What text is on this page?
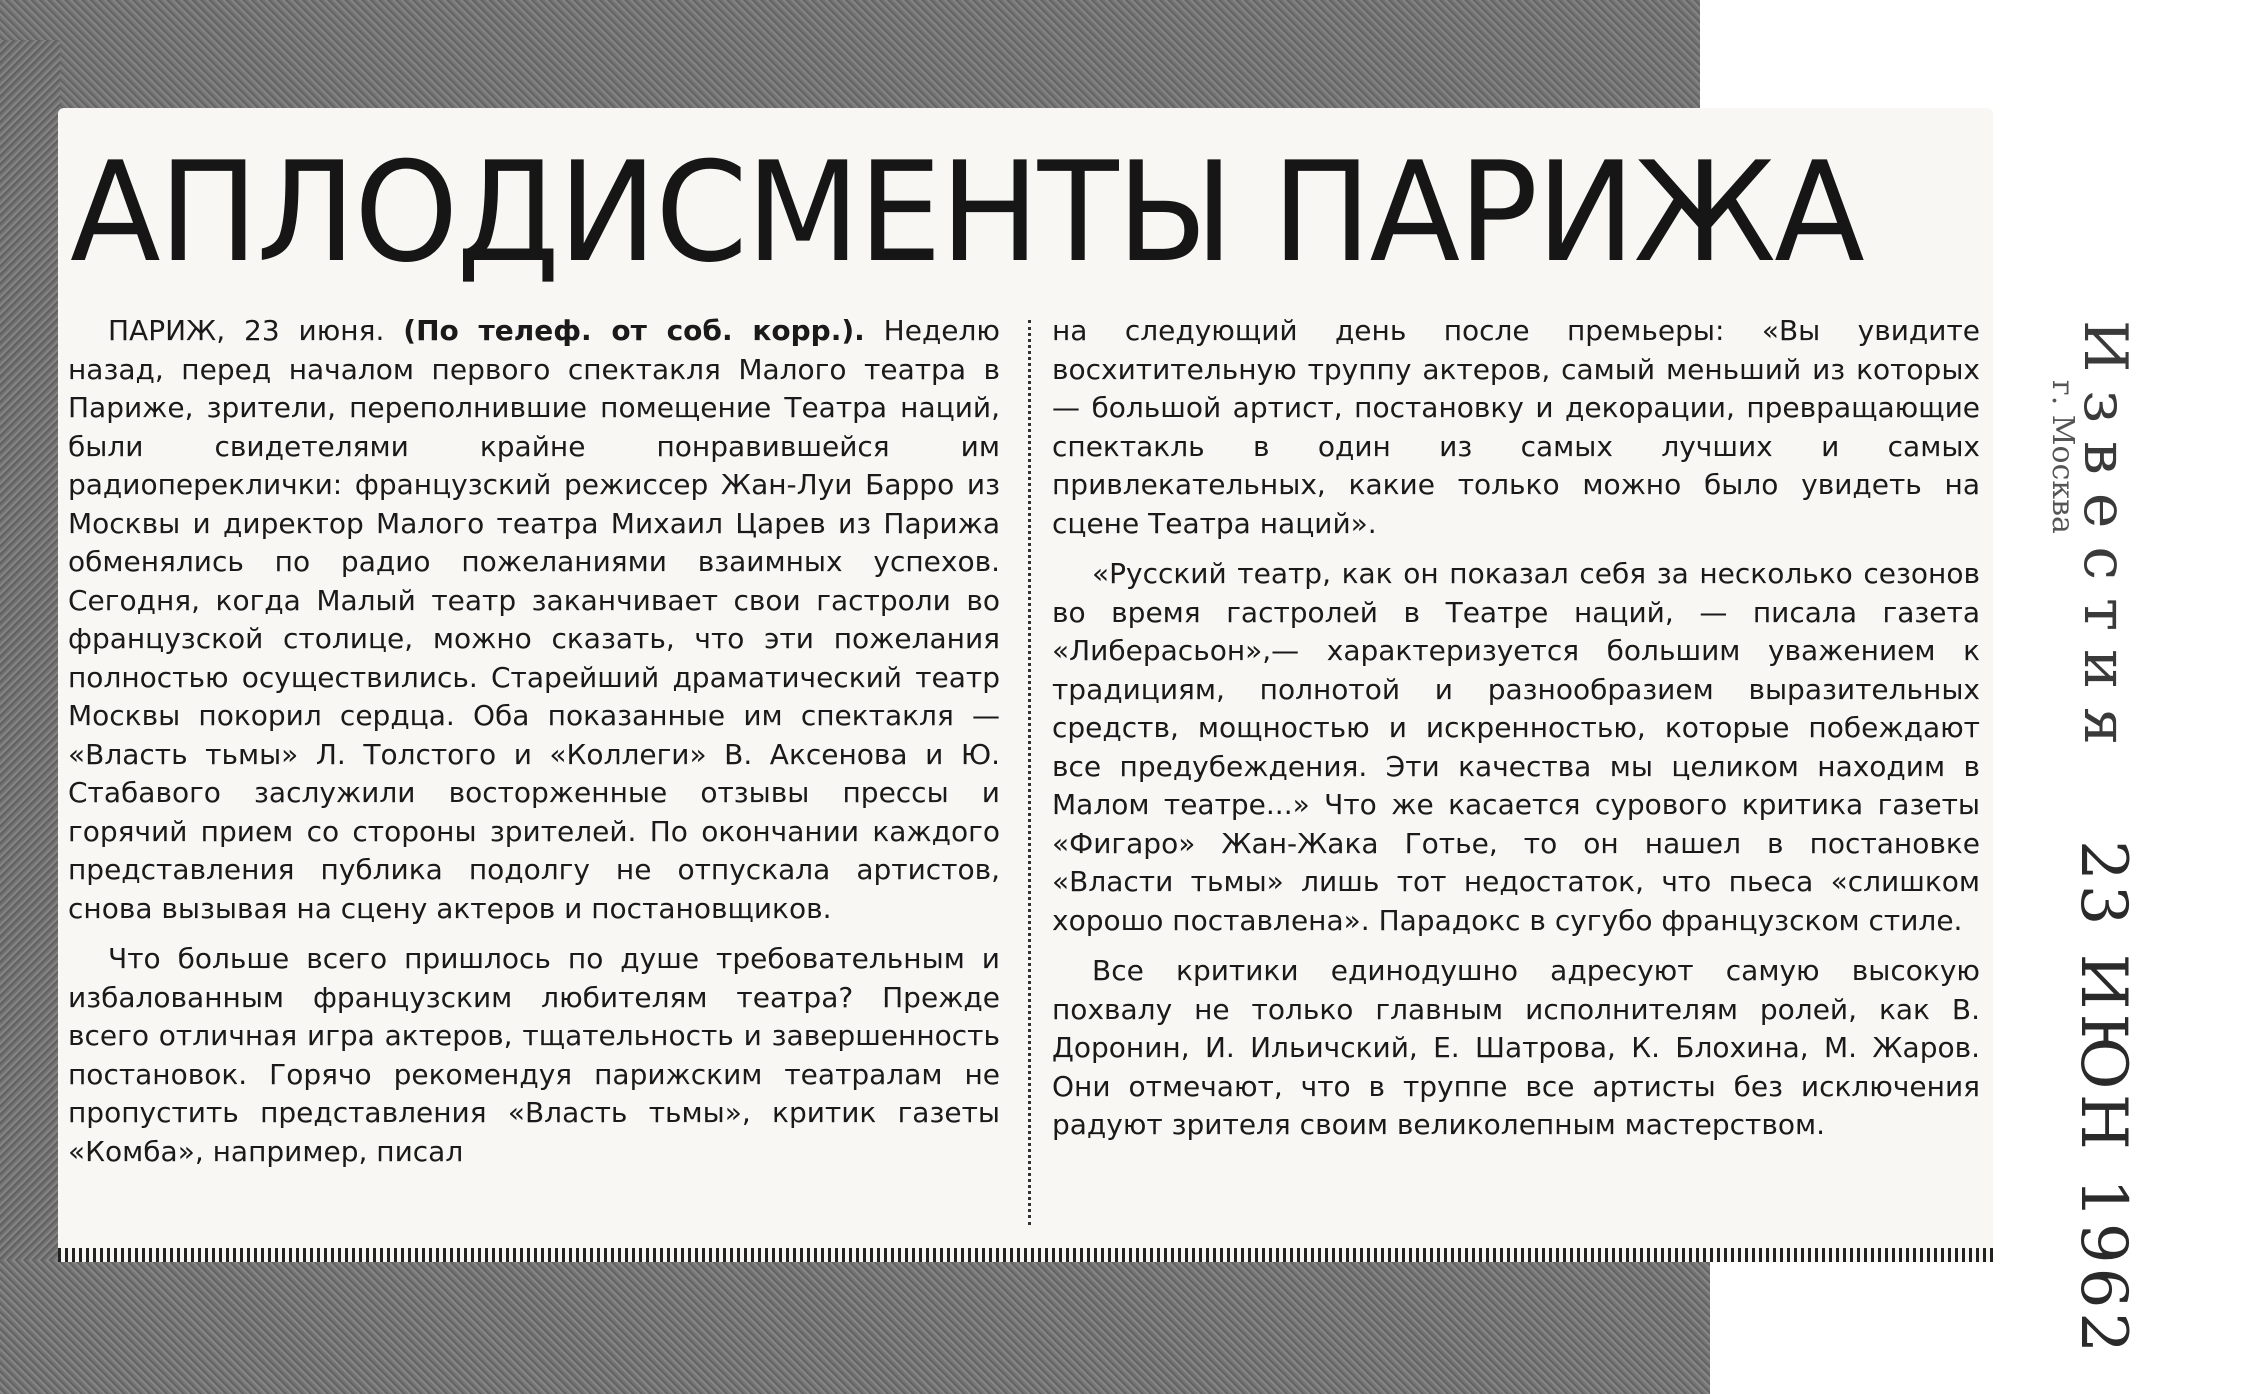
АПЛОДИСМЕНТЫ ПАРИЖА

ПАРИЖ, 23 июня. (По телеф. от соб. корр.). Неделю назад, перед началом первого спектакля Малого театра в Париже, зрители, переполнившие помещение Театра наций, были свидетелями крайне понравившейся им радиопереклички: французский режиссер Жан-Луи Барро из Москвы и директор Малого театра Михаил Царев из Парижа обменялись по радио пожеланиями взаимных успехов. Сегодня, когда Малый театр заканчивает свои гастроли во французской столице, можно сказать, что эти пожелания полностью осуществились. Старейший драматический театр Москвы покорил сердца. Оба показанные им спектакля — «Власть тьмы» Л. Толстого и «Коллеги» В. Аксенова и Ю. Стабавого заслужили восторженные отзывы прессы и горячий прием со стороны зрителей. По окончании каждого представления публика подолгу не отпускала артистов, снова вызывая на сцену актеров и постановщиков.

Что больше всего пришлось по душе требовательным и избалованным французским любителям театра? Прежде всего отличная игра актеров, тщательность и завершенность постановок. Горячо рекомендуя парижским театралам не пропустить представления «Власть тьмы», критик газеты «Комба», например, писал

на следующий день после премьеры: «Вы увидите восхитительную труппу актеров, самый меньший из которых — большой артист, постановку и декорации, превращающие спектакль в один из самых лучших и самых привлекательных, какие только можно было увидеть на сцене Театра наций».

«Русский театр, как он показал себя за несколько сезонов во время гастролей в Театре наций, — писала газета «Либерасьон»,— характеризуется большим уважением к традициям, полнотой и разнообразием выразительных средств, мощностью и искренностью, которые побеждают все предубеждения. Эти качества мы целиком находим в Малом театре...» Что же касается сурового критика газеты «Фигаро» Жан-Жака Готье, то он нашел в постановке «Власти тьмы» лишь тот недостаток, что пьеса «слишком хорошо поставлена». Парадокс в сугубо французском стиле.

Все критики единодушно адресуют самую высокую похвалу не только главным исполнителям ролей, как В. Доронин, И. Ильичский, Е. Шатрова, К. Блохина, М. Жаров. Они отмечают, что в труппе все артисты без исключения радуют зрителя своим великолепным мастерством.

Известия
г. Москва
23 ИЮН 1962
